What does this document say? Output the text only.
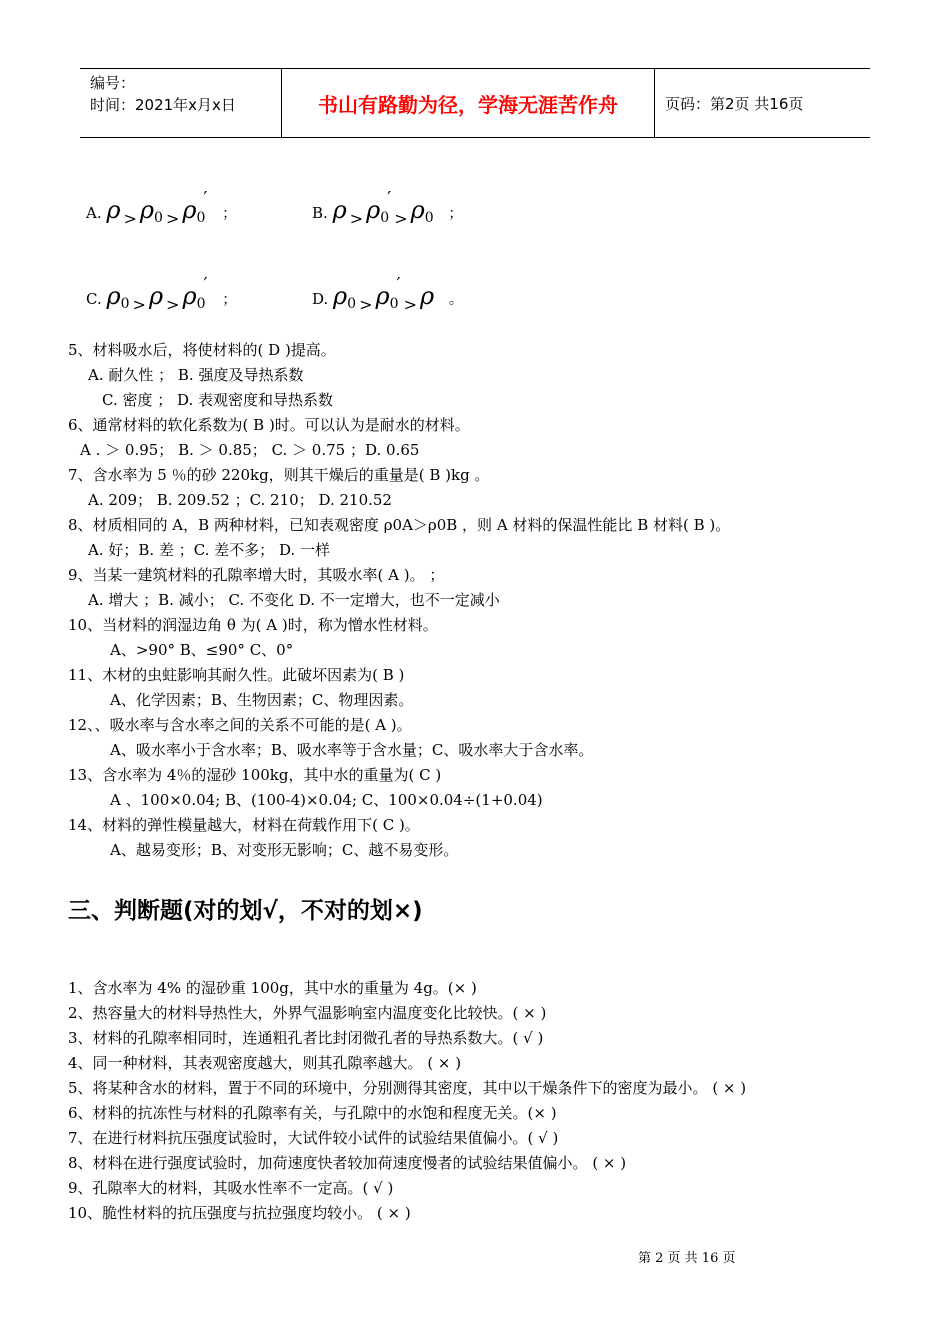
编号：
时间：2021年x月x日	书山有路勤为径，学海无涯苦作舟	页码：第2页 共16页
A. ρ > ρ0 > ρ0′ ；	B. ρ > ρ0′> ρ0 ；
C. ρ0 > ρ > ρ0′ ；	D. ρ0 > ρ0′> ρ 。
5、材料吸水后，将使材料的( D )提高。
A. 耐久性 ； B. 强度及导热系数
C. 密度 ； D. 表观密度和导热系数
6、通常材料的软化系数为( B )时。可以认为是耐水的材料。
A . ＞ 0.95； B. ＞ 0.85； C. ＞ 0.75 ；D. 0.65
7、含水率为 5 ％的砂 220kg，则其干燥后的重量是( B )kg 。
A. 209； B. 209.52 ；C. 210； D. 210.52
8、材质相同的 A，B 两种材料，已知表观密度 ρ0A＞ρ0B ，则 A 材料的保温性能比 B 材料( B )。
A. 好；B. 差 ；C. 差不多； D. 一样
9、当某一建筑材料的孔隙率增大时，其吸水率( A )。 ；
A. 增大 ；B. 减小； C. 不变化 D. 不一定增大，也不一定减小
10、当材料的润湿边角 θ 为( A )时，称为憎水性材料。
A、>90° B、≤90° C、0°
11、木材的虫蛀影响其耐久性。此破坏因素为( B )
A、化学因素；B、生物因素；C、物理因素。
12、、吸水率与含水率之间的关系不可能的是( A )。
A、吸水率小于含水率；B、吸水率等于含水量；C、吸水率大于含水率。
13、含水率为 4％的湿砂 100kg，其中水的重量为( C )
A 、100×0.04; B、(100-4)×0.04; C、100×0.04÷(1+0.04)
14、材料的弹性模量越大，材料在荷载作用下( C )。
A、越易变形；B、对变形无影响；C、越不易变形。
三、判断题(对的划√，不对的划×)
1、含水率为 4% 的湿砂重 100g，其中水的重量为 4g。(× )
2、热容量大的材料导热性大，外界气温影响室内温度变化比较快。( × )
3、材料的孔隙率相同时，连通粗孔者比封闭微孔者的导热系数大。( √ )
4、同一种材料，其表观密度越大，则其孔隙率越大。 ( × )
5、将某种含水的材料，置于不同的环境中，分别测得其密度，其中以干燥条件下的密度为最小。 ( × )
6、材料的抗冻性与材料的孔隙率有关，与孔隙中的水饱和程度无关。(× )
7、在进行材料抗压强度试验时，大试件较小试件的试验结果值偏小。( √ )
8、材料在进行强度试验时，加荷速度快者较加荷速度慢者的试验结果值偏小。 ( × )
9、孔隙率大的材料，其吸水性率不一定高。( √ )
10、脆性材料的抗压强度与抗拉强度均较小。 ( × )
第 2 页 共 16 页
